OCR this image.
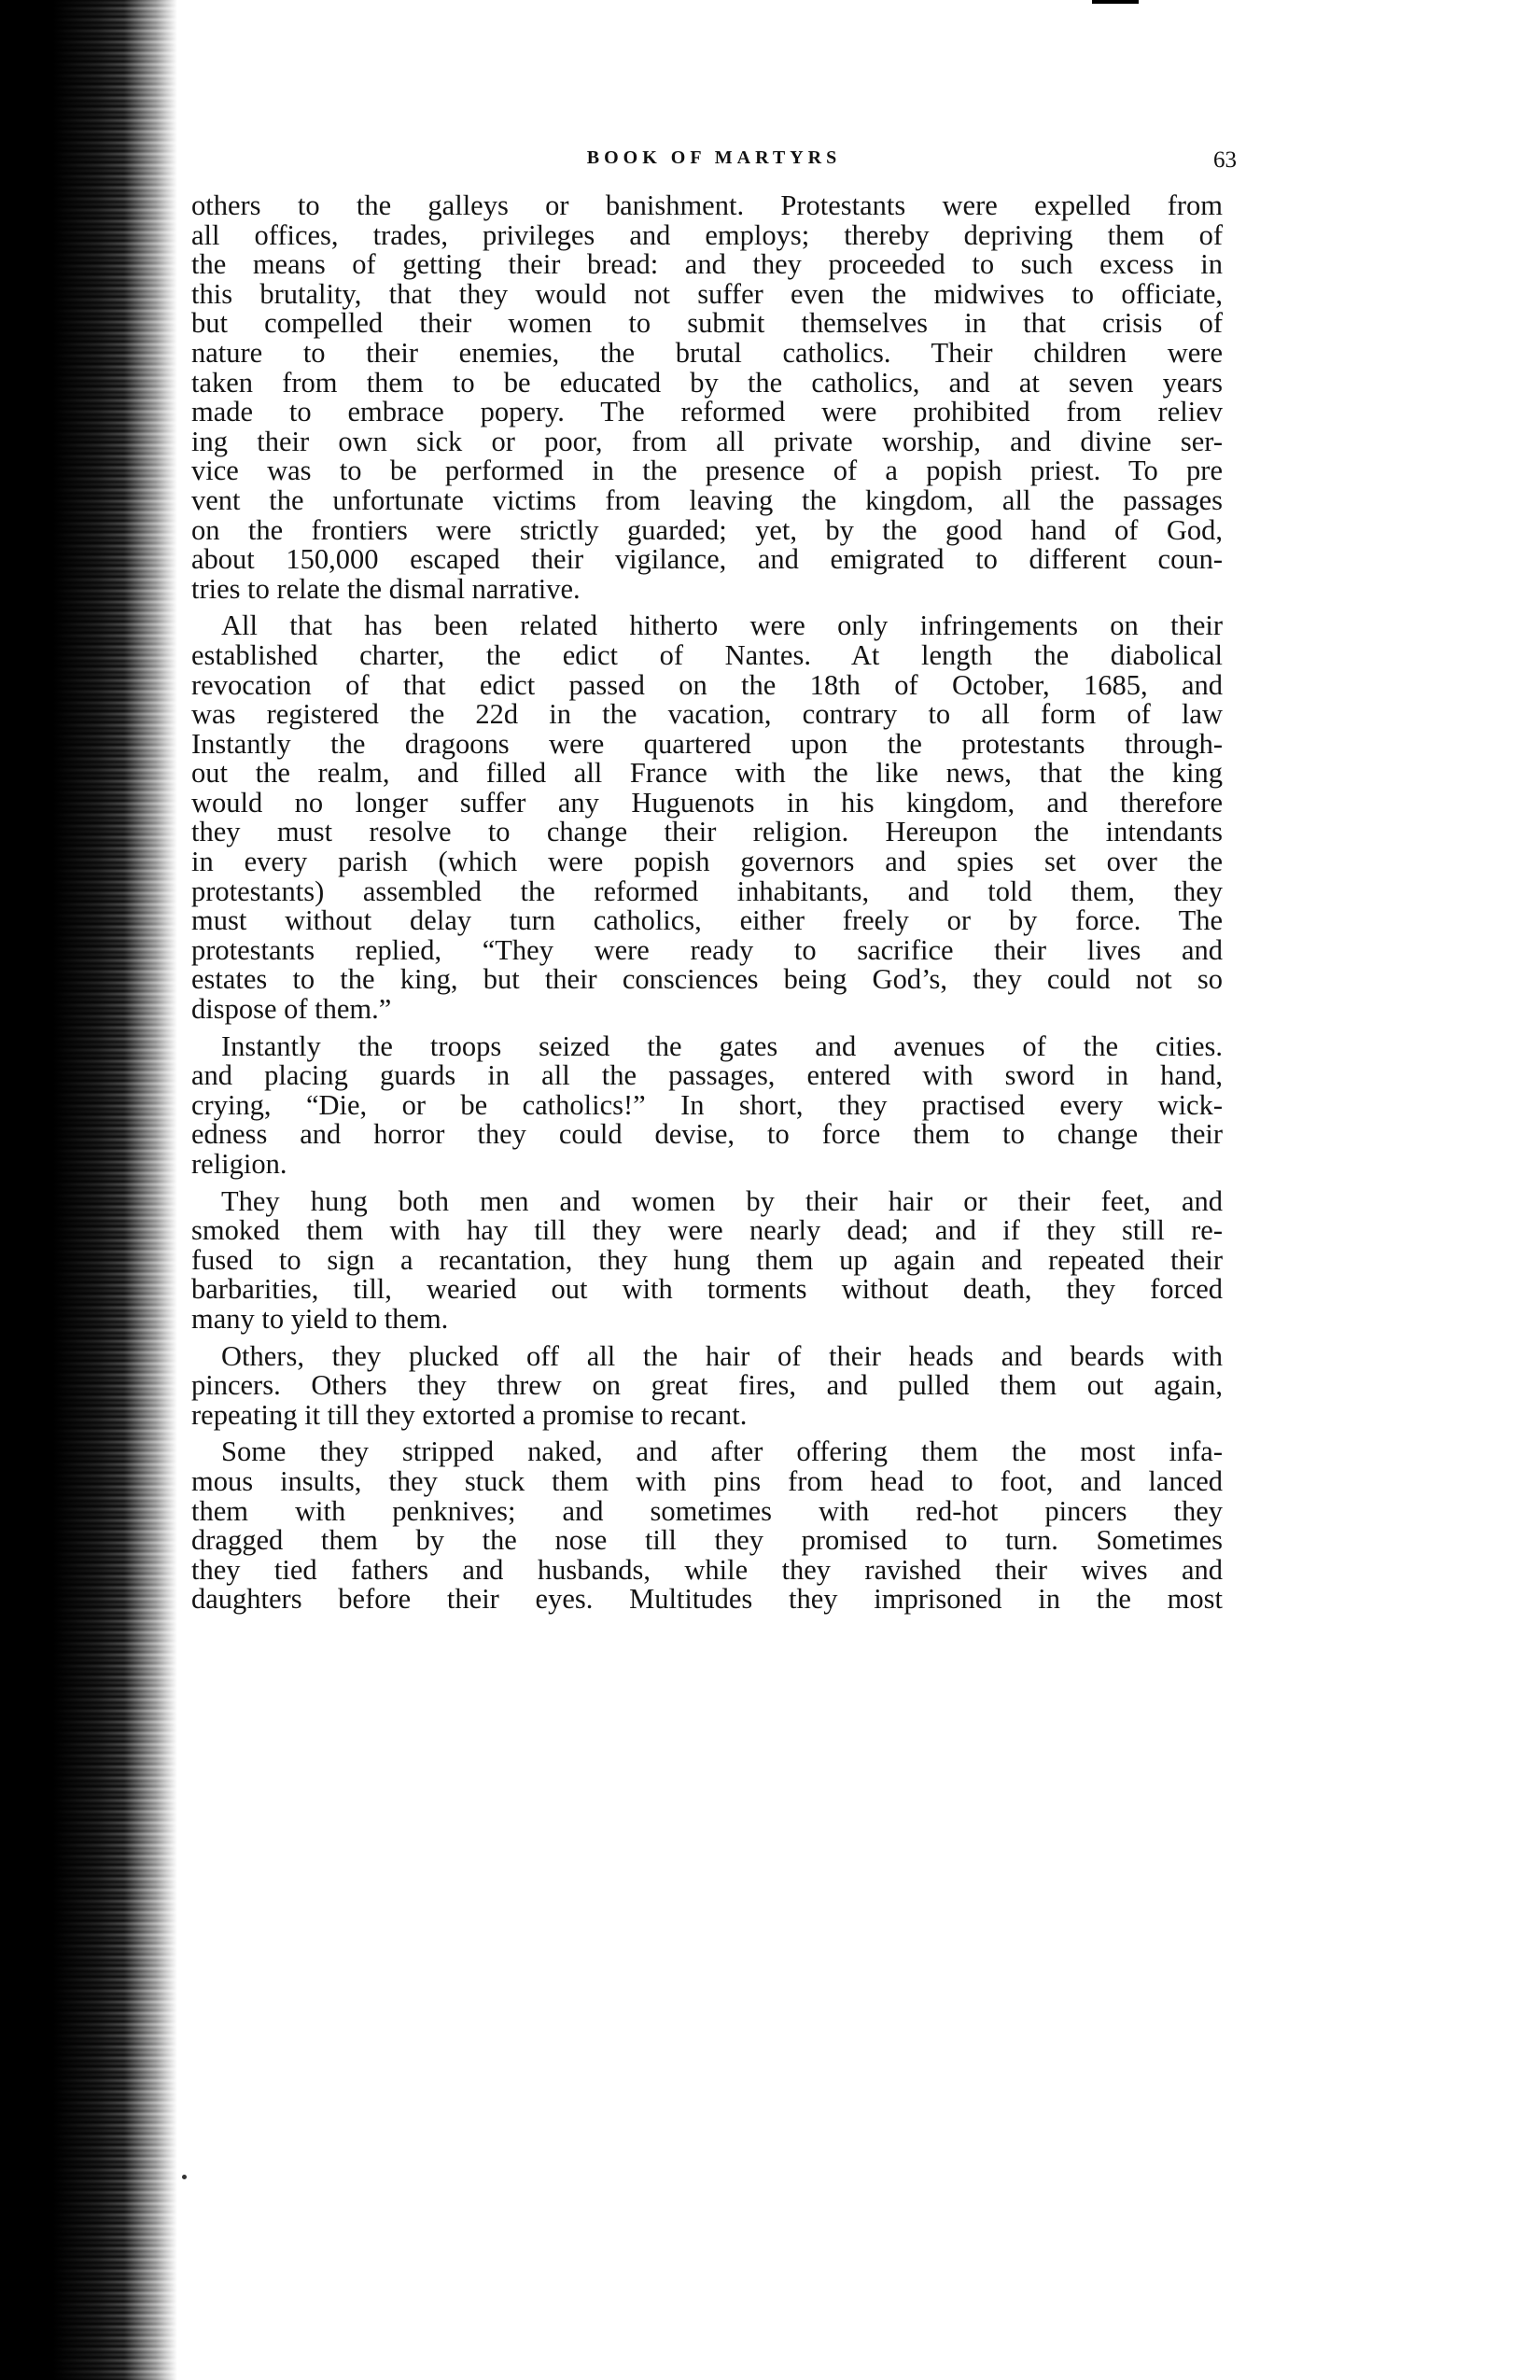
BOOK OF MARTYRS	63
others to the galleys or banishment. Protestants were expelled from
all offices, trades, privileges and employs; thereby depriving them of
the means of getting their bread: and they proceeded to such excess in
this brutality, that they would not suffer even the midwives to officiate,
but compelled their women to submit themselves in that crisis of
nature to their enemies, the brutal catholics. Their children were
taken from them to be educated by the catholics, and at seven years
made to embrace popery. The reformed were prohibited from reliev
ing their own sick or poor, from all private worship, and divine ser-
vice was to be performed in the presence of a popish priest. To pre
vent the unfortunate victims from leaving the kingdom, all the passages
on the frontiers were strictly guarded; yet, by the good hand of God,
about 150,000 escaped their vigilance, and emigrated to different coun-
tries to relate the dismal narrative.
All that has been related hitherto were only infringements on their
established charter, the edict of Nantes. At length the diabolical
revocation of that edict passed on the 18th of October, 1685, and
was registered the 22d in the vacation, contrary to all form of law
Instantly the dragoons were quartered upon the protestants through-
out the realm, and filled all France with the like news, that the king
would no longer suffer any Huguenots in his kingdom, and therefore
they must resolve to change their religion. Hereupon the intendants
in every parish (which were popish governors and spies set over the
protestants) assembled the reformed inhabitants, and told them, they
must without delay turn catholics, either freely or by force. The
protestants replied, “They were ready to sacrifice their lives and
estates to the king, but their consciences being God’s, they could not so
dispose of them.”
Instantly the troops seized the gates and avenues of the cities.
and placing guards in all the passages, entered with sword in hand,
crying, “Die, or be catholics!” In short, they practised every wick-
edness and horror they could devise, to force them to change their
religion.
They hung both men and women by their hair or their feet, and
smoked them with hay till they were nearly dead; and if they still re-
fused to sign a recantation, they hung them up again and repeated their
barbarities, till, wearied out with torments without death, they forced
many to yield to them.
Others, they plucked off all the hair of their heads and beards with
pincers. Others they threw on great fires, and pulled them out again,
repeating it till they extorted a promise to recant.
Some they stripped naked, and after offering them the most infa-
mous insults, they stuck them with pins from head to foot, and lanced
them with penknives; and sometimes with red-hot pincers they
dragged them by the nose till they promised to turn. Sometimes
they tied fathers and husbands, while they ravished their wives and
daughters before their eyes. Multitudes they imprisoned in the most
